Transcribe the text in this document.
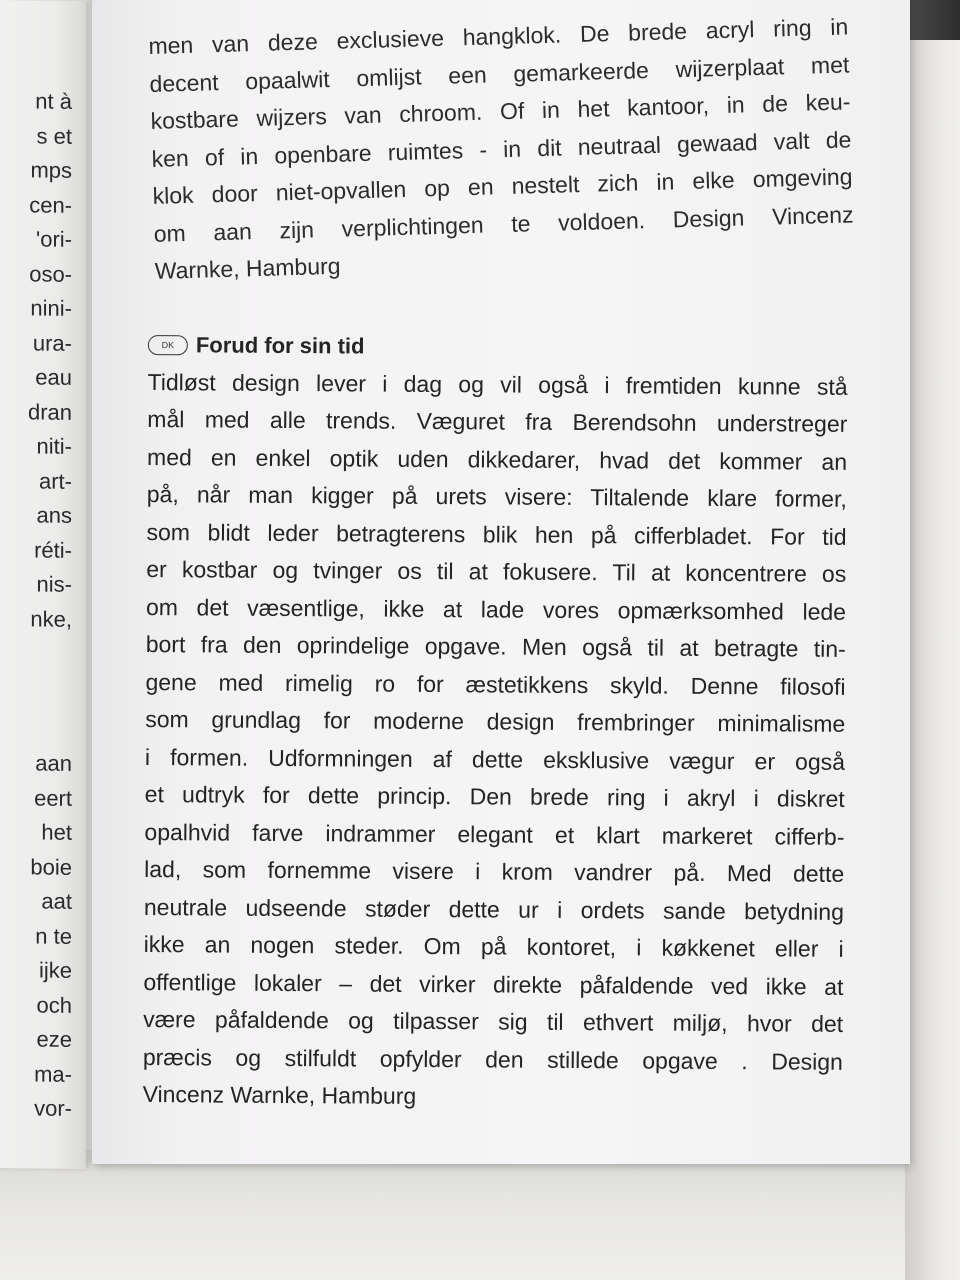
nt à
s et
mps
cen-
'ori-
oso-
nini-
ura-
eau
dran
niti-
art-
ans
réti-
nis-
nke,
aan
eert
het
boie
aat
n te
ijke
och
eze
ma-
vor-
men van deze exclusieve hangklok. De brede acryl ring in
decent opaalwit omlijst een gemarkeerde wijzerplaat met
kostbare wijzers van chroom. Of in het kantoor, in de keu-
ken of in openbare ruimtes - in dit neutraal gewaad valt de
klok door niet-opvallen op en nestelt zich in elke omgeving
om aan zijn verplichtingen te voldoen. Design Vincenz
Warnke, Hamburg
DK Forud for sin tid
Tidløst design lever i dag og vil også i fremtiden kunne stå
mål med alle trends. Væguret fra Berendsohn understreger
med en enkel optik uden dikkedarer, hvad det kommer an
på, når man kigger på urets visere: Tiltalende klare former,
som blidt leder betragterens blik hen på cifferbladet. For tid
er kostbar og tvinger os til at fokusere. Til at koncentrere os
om det væsentlige, ikke at lade vores opmærksomhed lede
bort fra den oprindelige opgave. Men også til at betragte tin-
gene med rimelig ro for æstetikkens skyld. Denne filosofi
som grundlag for moderne design frembringer minimalisme
i formen. Udformningen af dette eksklusive vægur er også
et udtryk for dette princip. Den brede ring i akryl i diskret
opalhvid farve indrammer elegant et klart markeret cifferb-
lad, som fornemme visere i krom vandrer på. Med dette
neutrale udseende støder dette ur i ordets sande betydning
ikke an nogen steder. Om på kontoret, i køkkenet eller i
offentlige lokaler – det virker direkte påfaldende ved ikke at
være påfaldende og tilpasser sig til ethvert miljø, hvor det
præcis og stilfuldt opfylder den stillede opgave . Design
Vincenz Warnke, Hamburg
